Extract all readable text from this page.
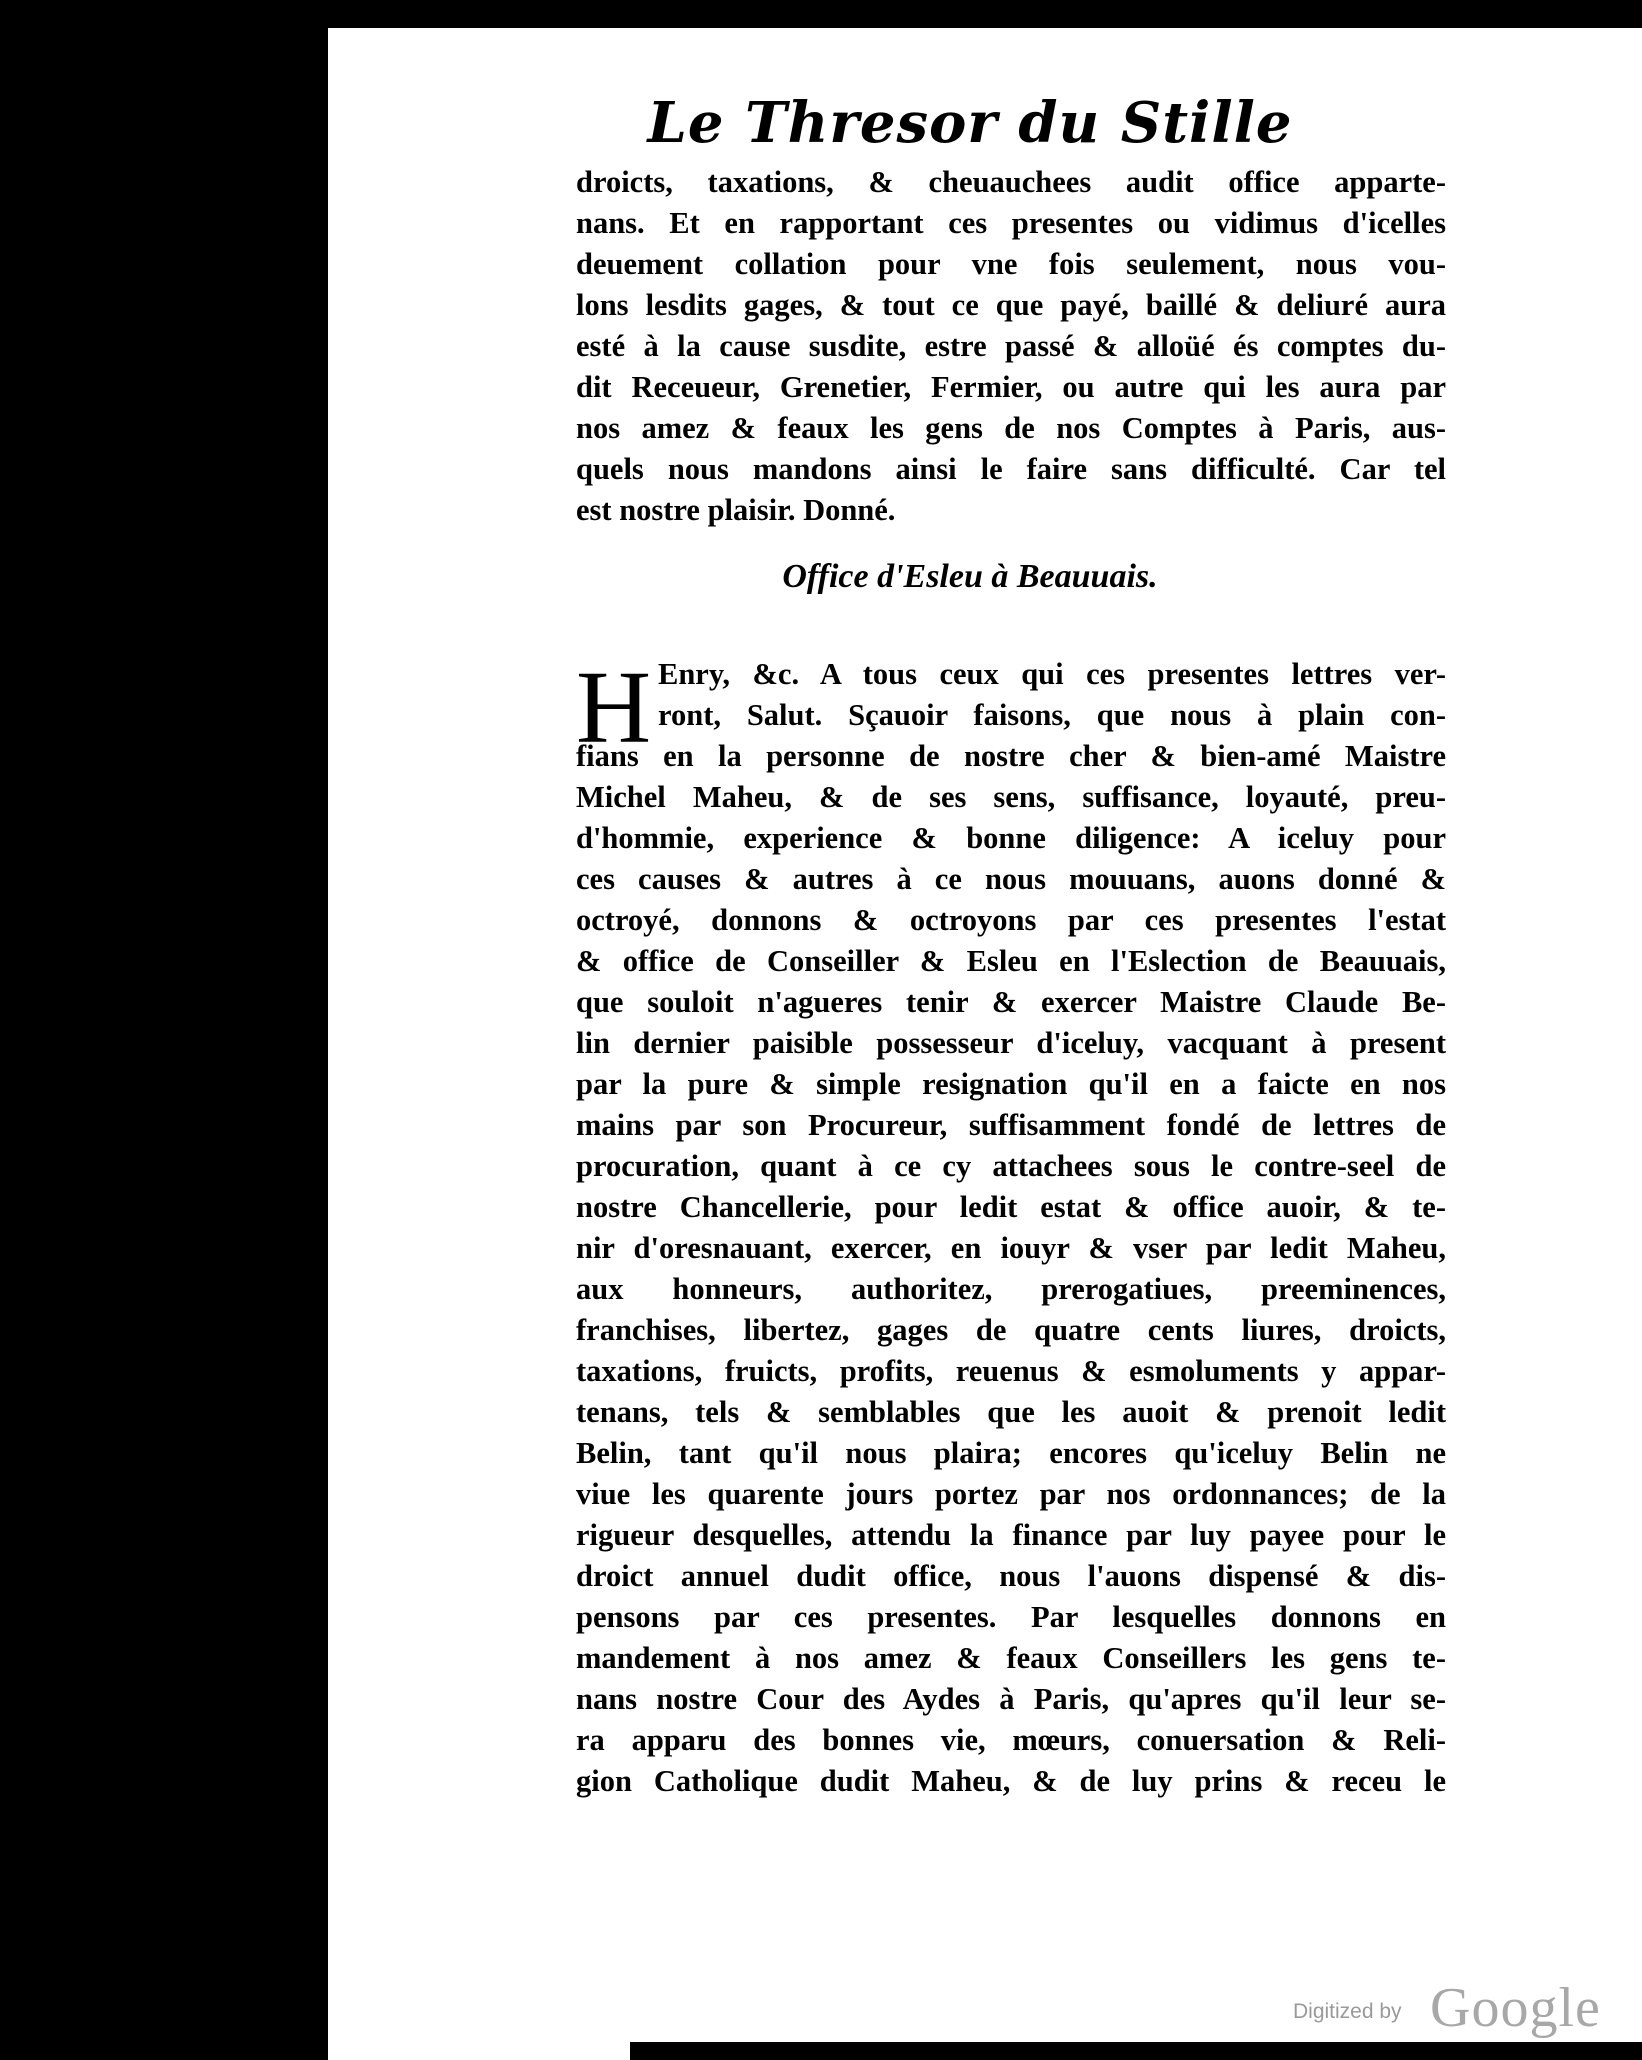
Le Thresor du Stille
droicts, taxations, & cheuauchees audit office apparte-
nans. Et en rapportant ces presentes ou vidimus d'icelles
deuement collation pour vne fois seulement, nous vou-
lons lesdits gages, & tout ce que payé, baillé & deliuré aura
esté à la cause susdite, estre passé & alloüé és comptes du-
dit Receueur, Grenetier, Fermier, ou autre qui les aura par
nos amez & feaux les gens de nos Comptes à Paris, aus-
quels nous mandons ainsi le faire sans difficulté. Car tel
est nostre plaisir. Donné.
Office d'Esleu à Beauuais.
H Enry, &c. A tous ceux qui ces presentes lettres ver-
ront, Salut. Sçauoir faisons, que nous à plain con-
fians en la personne de nostre cher & bien-amé Maistre
Michel Maheu, & de ses sens, suffisance, loyauté, preu-
d'hommie, experience & bonne diligence: A iceluy pour
ces causes & autres à ce nous mouuans, auons donné &
octroyé, donnons & octroyons par ces presentes l'estat
& office de Conseiller & Esleu en l'Eslection de Beauuais,
que souloit n'agueres tenir & exercer Maistre Claude Be-
lin dernier paisible possesseur d'iceluy, vacquant à present
par la pure & simple resignation qu'il en a faicte en nos
mains par son Procureur, suffisamment fondé de lettres de
procuration, quant à ce cy attachees sous le contre-seel de
nostre Chancellerie, pour ledit estat & office auoir, & te-
nir d'oresnauant, exercer, en iouyr & vser par ledit Maheu,
aux honneurs, authoritez, prerogatiues, preeminences,
franchises, libertez, gages de quatre cents liures, droicts,
taxations, fruicts, profits, reuenus & esmoluments y appar-
tenans, tels & semblables que les auoit & prenoit ledit
Belin, tant qu'il nous plaira; encores qu'iceluy Belin ne
viue les quarente jours portez par nos ordonnances; de la
rigueur desquelles, attendu la finance par luy payee pour le
droict annuel dudit office, nous l'auons dispensé & dis-
pensons par ces presentes. Par lesquelles donnons en
mandement à nos amez & feaux Conseillers les gens te-
nans nostre Cour des Aydes à Paris, qu'apres qu'il leur se-
ra apparu des bonnes vie, mœurs, conuersation & Reli-
gion Catholique dudit Maheu, & de luy prins & receu le
Digitized by Google
